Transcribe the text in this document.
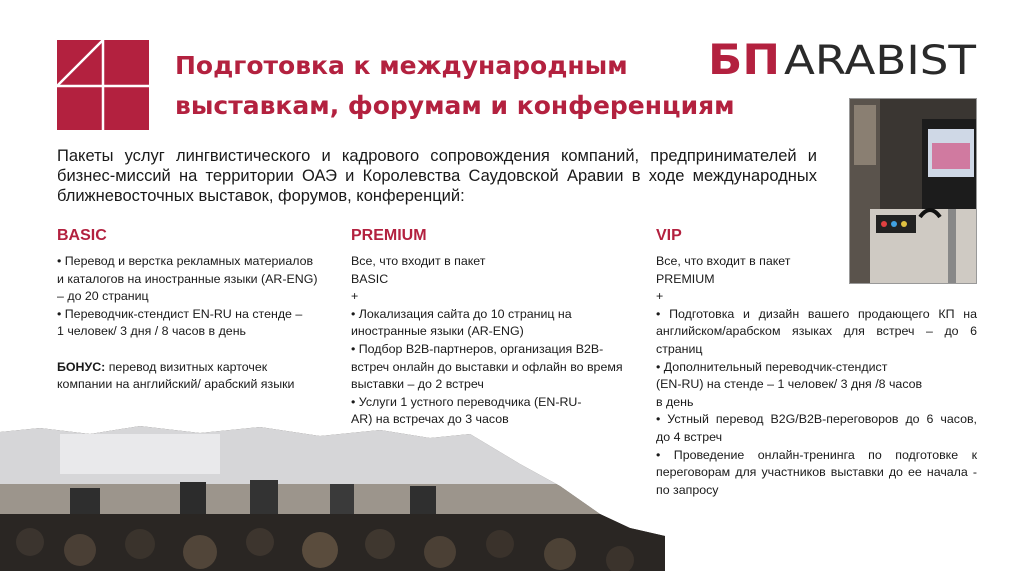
Подготовка к международным
выставкам, форумам и конференциям
БП ARABIST
Пакеты услуг лингвистического и кадрового сопровождения компаний, предпринимателей и бизнес-миссий на территории ОАЭ и Королевства Саудовской Аравии в ходе международных ближневосточных выставок, форумов, конференций:
BASIC
• Перевод и верстка рекламных материалов
и каталогов на иностранные языки (AR-ENG)
– до 20 страниц
• Переводчик-стендист EN-RU на стенде –
1 человек/ 3 дня / 8 часов в день
БОНУС: перевод визитных карточек
компании на английский/ арабский языки
PREMIUM
Все, что входит в пакет
BASIC
+
• Локализация сайта до 10 страниц на
иностранные языки (AR-ENG)
• Подбор B2B-партнеров, организация B2B-
встреч онлайн до выставки и офлайн во время
выставки – до 2 встреч
• Услуги 1 устного переводчика (EN-RU-
AR) на встречах до 3 часов
VIP
Все, что входит в пакет
PREMIUM
+
• Подготовка и дизайн вашего продающего КП на
английском/арабском языках для встреч – до 6
страниц
• Дополнительный переводчик-стендист
(EN-RU) на стенде – 1 человек/ 3 дня /8 часов
в день
• Устный перевод B2G/B2B-переговоров до 6 часов,
до 4 встреч
• Проведение онлайн-тренинга по подготовке к
переговорам для участников выставки до ее начала -
по запросу
